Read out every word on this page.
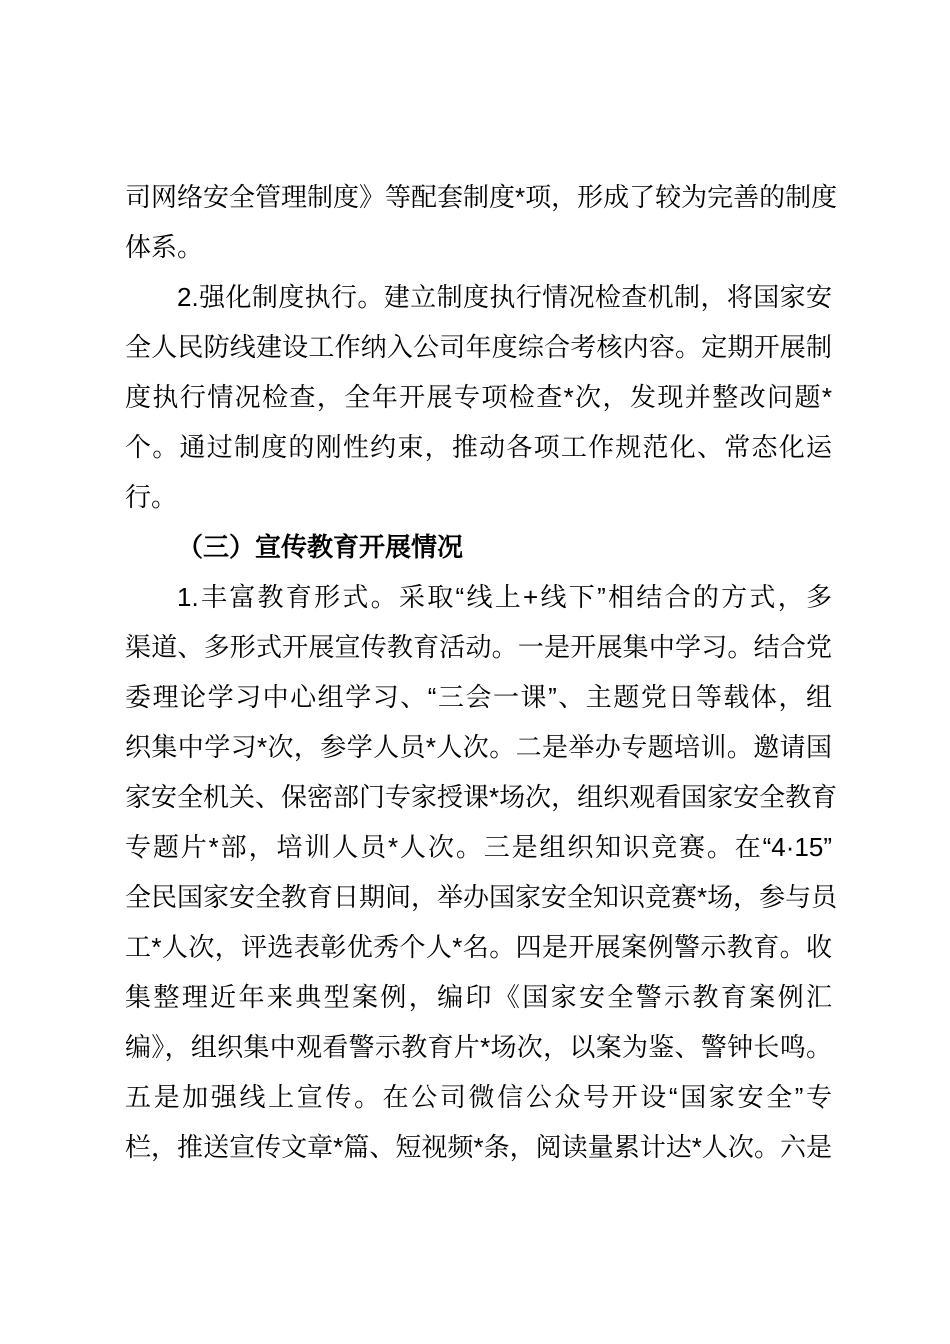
司网络安全管理制度》等配套制度*项，形成了较为完善的制度
体系。
2.强化制度执行。建立制度执行情况检查机制，将国家安
全人民防线建设工作纳入公司年度综合考核内容。定期开展制
度执行情况检查，全年开展专项检查*次，发现并整改问题*
个。通过制度的刚性约束，推动各项工作规范化、常态化运
行。
（三）宣传教育开展情况
1.丰富教育形式。采取“线上+线下”相结合的方式，多
渠道、多形式开展宣传教育活动。一是开展集中学习。结合党
委理论学习中心组学习、“三会一课”、主题党日等载体，组
织集中学习*次，参学人员*人次。二是举办专题培训。邀请国
家安全机关、保密部门专家授课*场次，组织观看国家安全教育
专题片*部，培训人员*人次。三是组织知识竞赛。在“4·15”
全民国家安全教育日期间，举办国家安全知识竞赛*场，参与员
工*人次，评选表彰优秀个人*名。四是开展案例警示教育。收
集整理近年来典型案例，编印《国家安全警示教育案例汇
编》，组织集中观看警示教育片*场次，以案为鉴、警钟长鸣。
五是加强线上宣传。在公司微信公众号开设“国家安全”专
栏，推送宣传文章*篇、短视频*条，阅读量累计达*人次。六是
